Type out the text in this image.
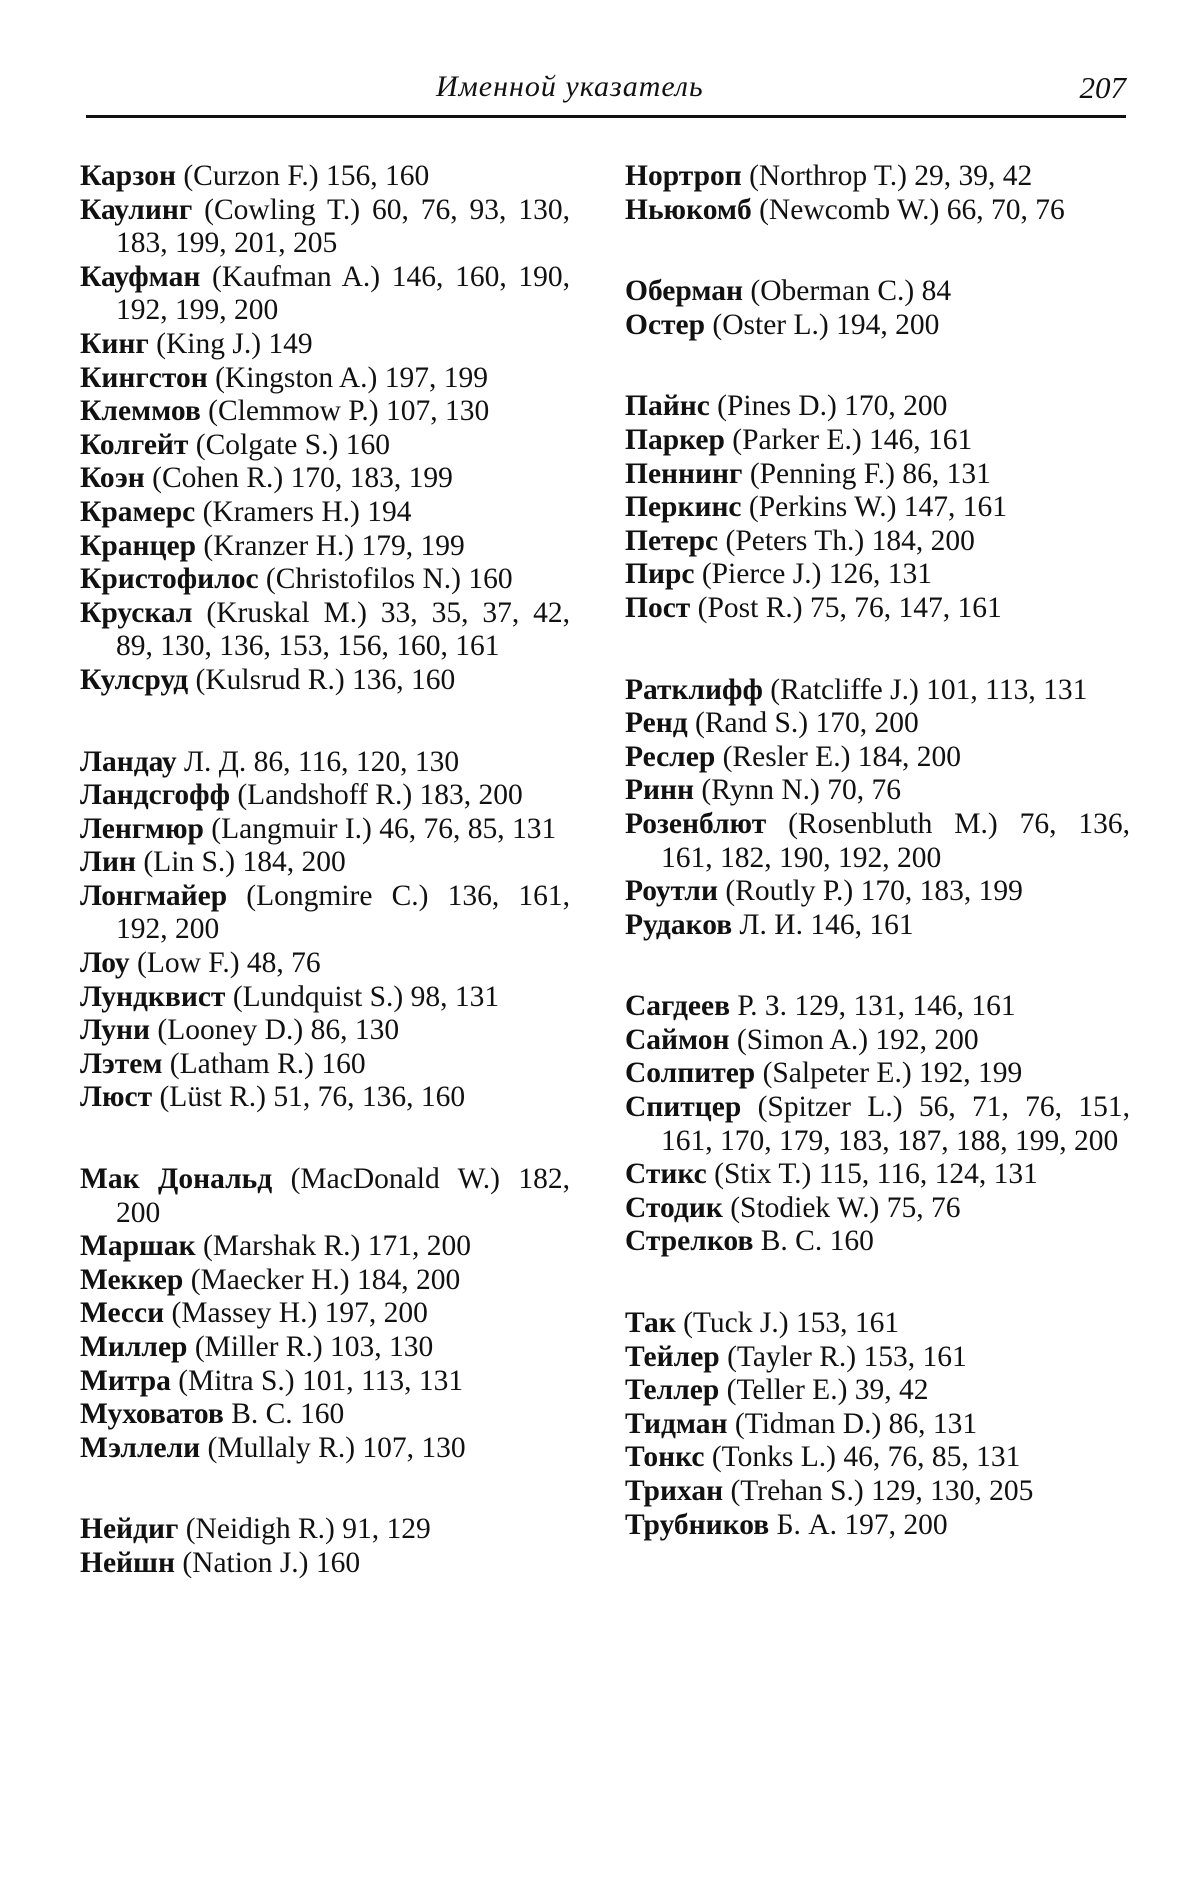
Именной указатель	207
Карзон (Curzon F.) 156, 160
Каулинг (Cowling T.) 60, 76, 93, 130, 183, 199, 201, 205
Кауфман (Kaufman A.) 146, 160, 190, 192, 199, 200
Кинг (King J.) 149
Кингстон (Kingston A.) 197, 199
Клеммов (Clemmow P.) 107, 130
Колгейт (Colgate S.) 160
Коэн (Cohen R.) 170, 183, 199
Крамерс (Kramers H.) 194
Кранцер (Kranzer H.) 179, 199
Кристофилос (Christofilos N.) 160
Крускал (Kruskal M.) 33, 35, 37, 42, 89, 130, 136, 153, 156, 160, 161
Кулсруд (Kulsrud R.) 136, 160
Ландау Л. Д. 86, 116, 120, 130
Ландсгофф (Landshoff R.) 183, 200
Ленгмюр (Langmuir I.) 46, 76, 85, 131
Лин (Lin S.) 184, 200
Лонгмайер (Longmire C.) 136, 161, 192, 200
Лоу (Low F.) 48, 76
Лундквист (Lundquist S.) 98, 131
Луни (Looney D.) 86, 130
Лэтем (Latham R.) 160
Люст (Lüst R.) 51, 76, 136, 160
Мак Дональд (MacDonald W.) 182, 200
Маршак (Marshak R.) 171, 200
Меккер (Maecker H.) 184, 200
Месси (Massey H.) 197, 200
Миллер (Miller R.) 103, 130
Митра (Mitra S.) 101, 113, 131
Муховатов В. С. 160
Мэллели (Mullaly R.) 107, 130
Нейдиг (Neidigh R.) 91, 129
Нейшн (Nation J.) 160
Нортроп (Northrop T.) 29, 39, 42
Ньюкомб (Newcomb W.) 66, 70, 76
Оберман (Oberman C.) 84
Остер (Oster L.) 194, 200
Пайнс (Pines D.) 170, 200
Паркер (Parker E.) 146, 161
Пеннинг (Penning F.) 86, 131
Перкинс (Perkins W.) 147, 161
Петерс (Peters Th.) 184, 200
Пирс (Pierce J.) 126, 131
Пост (Post R.) 75, 76, 147, 161
Ратклифф (Ratcliffe J.) 101, 113, 131
Ренд (Rand S.) 170, 200
Реслер (Resler E.) 184, 200
Ринн (Rynn N.) 70, 76
Розенблют (Rosenbluth M.) 76, 136, 161, 182, 190, 192, 200
Роутли (Routly P.) 170, 183, 199
Рудаков Л. И. 146, 161
Сагдеев Р. З. 129, 131, 146, 161
Саймон (Simon A.) 192, 200
Солпитер (Salpeter E.) 192, 199
Спитцер (Spitzer L.) 56, 71, 76, 151, 161, 170, 179, 183, 187, 188, 199, 200
Стикс (Stix T.) 115, 116, 124, 131
Стодик (Stodiek W.) 75, 76
Стрелков В. С. 160
Так (Tuck J.) 153, 161
Тейлер (Tayler R.) 153, 161
Теллер (Teller E.) 39, 42
Тидман (Tidman D.) 86, 131
Тонкс (Tonks L.) 46, 76, 85, 131
Трихан (Trehan S.) 129, 130, 205
Трубников Б. А. 197, 200
